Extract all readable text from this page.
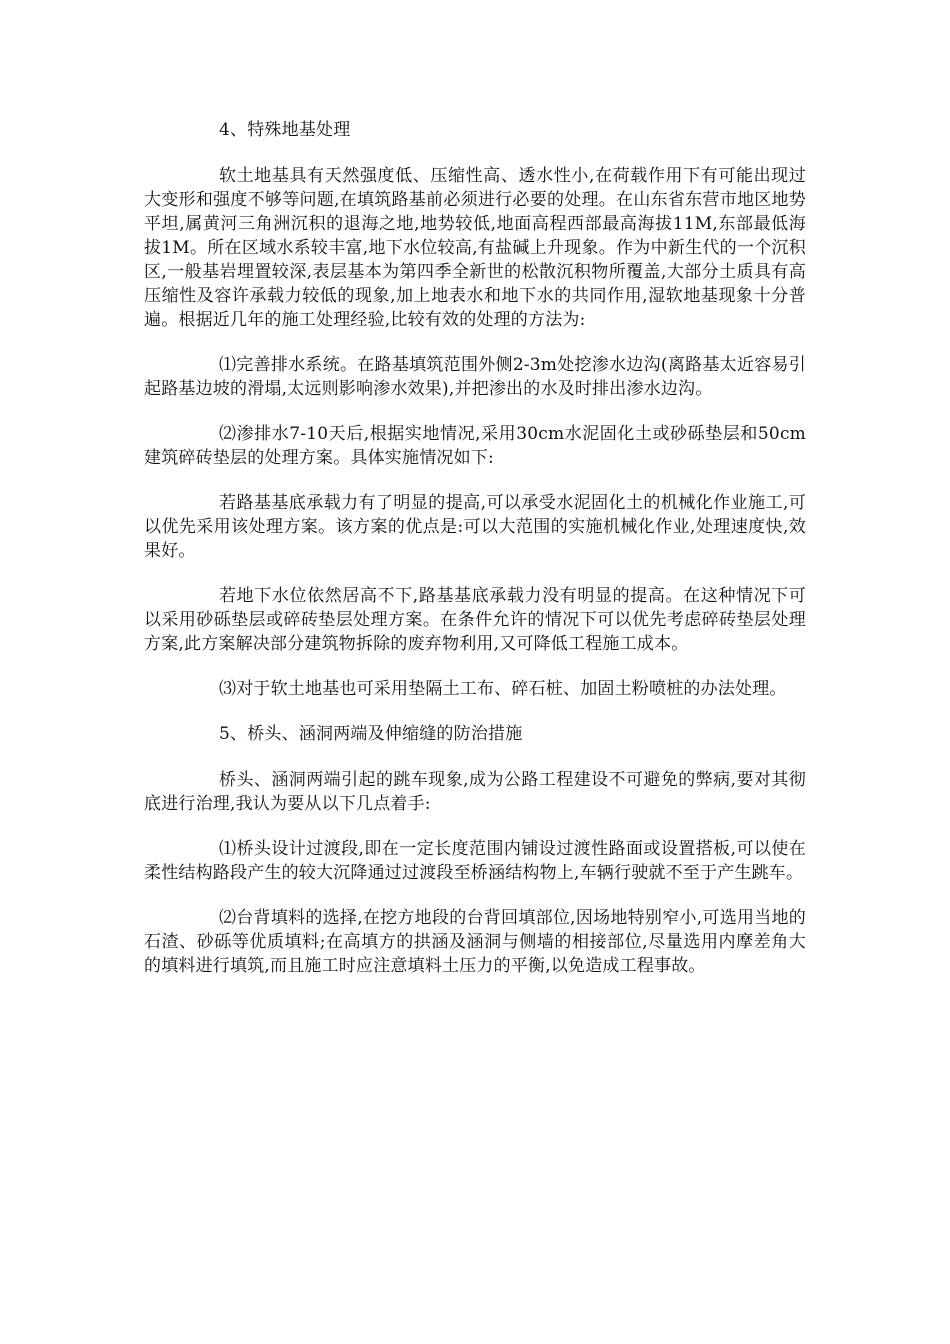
4、特殊地基处理

软土地基具有天然强度低、压缩性高、透水性小,在荷载作用下有可能出现过大变形和强度不够等问题,在填筑路基前必须进行必要的处理。在山东省东营市地区地势平坦,属黄河三角洲沉积的退海之地,地势较低,地面高程西部最高海拔11M,东部最低海拔1M。所在区域水系较丰富,地下水位较高,有盐碱上升现象。作为中新生代的一个沉积区,一般基岩埋置较深,表层基本为第四季全新世的松散沉积物所覆盖,大部分土质具有高压缩性及容许承载力较低的现象,加上地表水和地下水的共同作用,湿软地基现象十分普遍。根据近几年的施工处理经验,比较有效的处理的方法为:

⑴完善排水系统。在路基填筑范围外侧2-3m处挖渗水边沟(离路基太近容易引起路基边坡的滑塌,太远则影响渗水效果),并把渗出的水及时排出渗水边沟。

⑵渗排水7-10天后,根据实地情况,采用30cm水泥固化土或砂砾垫层和50cm建筑碎砖垫层的处理方案。具体实施情况如下:

若路基基底承载力有了明显的提高,可以承受水泥固化土的机械化作业施工,可以优先采用该处理方案。该方案的优点是:可以大范围的实施机械化作业,处理速度快,效果好。

若地下水位依然居高不下,路基基底承载力没有明显的提高。在这种情况下可以采用砂砾垫层或碎砖垫层处理方案。在条件允许的情况下可以优先考虑碎砖垫层处理方案,此方案解决部分建筑物拆除的废弃物利用,又可降低工程施工成本。

⑶对于软土地基也可采用垫隔土工布、碎石桩、加固土粉喷桩的办法处理。

5、桥头、涵洞两端及伸缩缝的防治措施

桥头、涵洞两端引起的跳车现象,成为公路工程建设不可避免的弊病,要对其彻底进行治理,我认为要从以下几点着手:

⑴桥头设计过渡段,即在一定长度范围内铺设过渡性路面或设置搭板,可以使在柔性结构路段产生的较大沉降通过过渡段至桥涵结构物上,车辆行驶就不至于产生跳车。

⑵台背填料的选择,在挖方地段的台背回填部位,因场地特别窄小,可选用当地的石渣、砂砾等优质填料;在高填方的拱涵及涵洞与侧墙的相接部位,尽量选用内摩差角大的填料进行填筑,而且施工时应注意填料土压力的平衡,以免造成工程事故。
